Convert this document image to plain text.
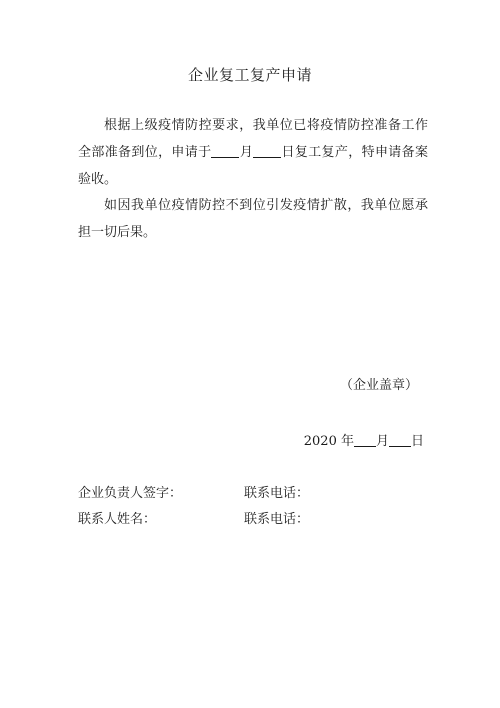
企业复工复产申请
根据上级疫情防控要求，我单位已将疫情防控准备工作全部准备到位，申请于 月 日复工复产，特申请备案验收。
如因我单位疫情防控不到位引发疫情扩散，我单位愿承担一切后果。
（企业盖章）
2020 年 月 日
企业负责人签字：	联系电话：
联系人姓名：	联系电话：
